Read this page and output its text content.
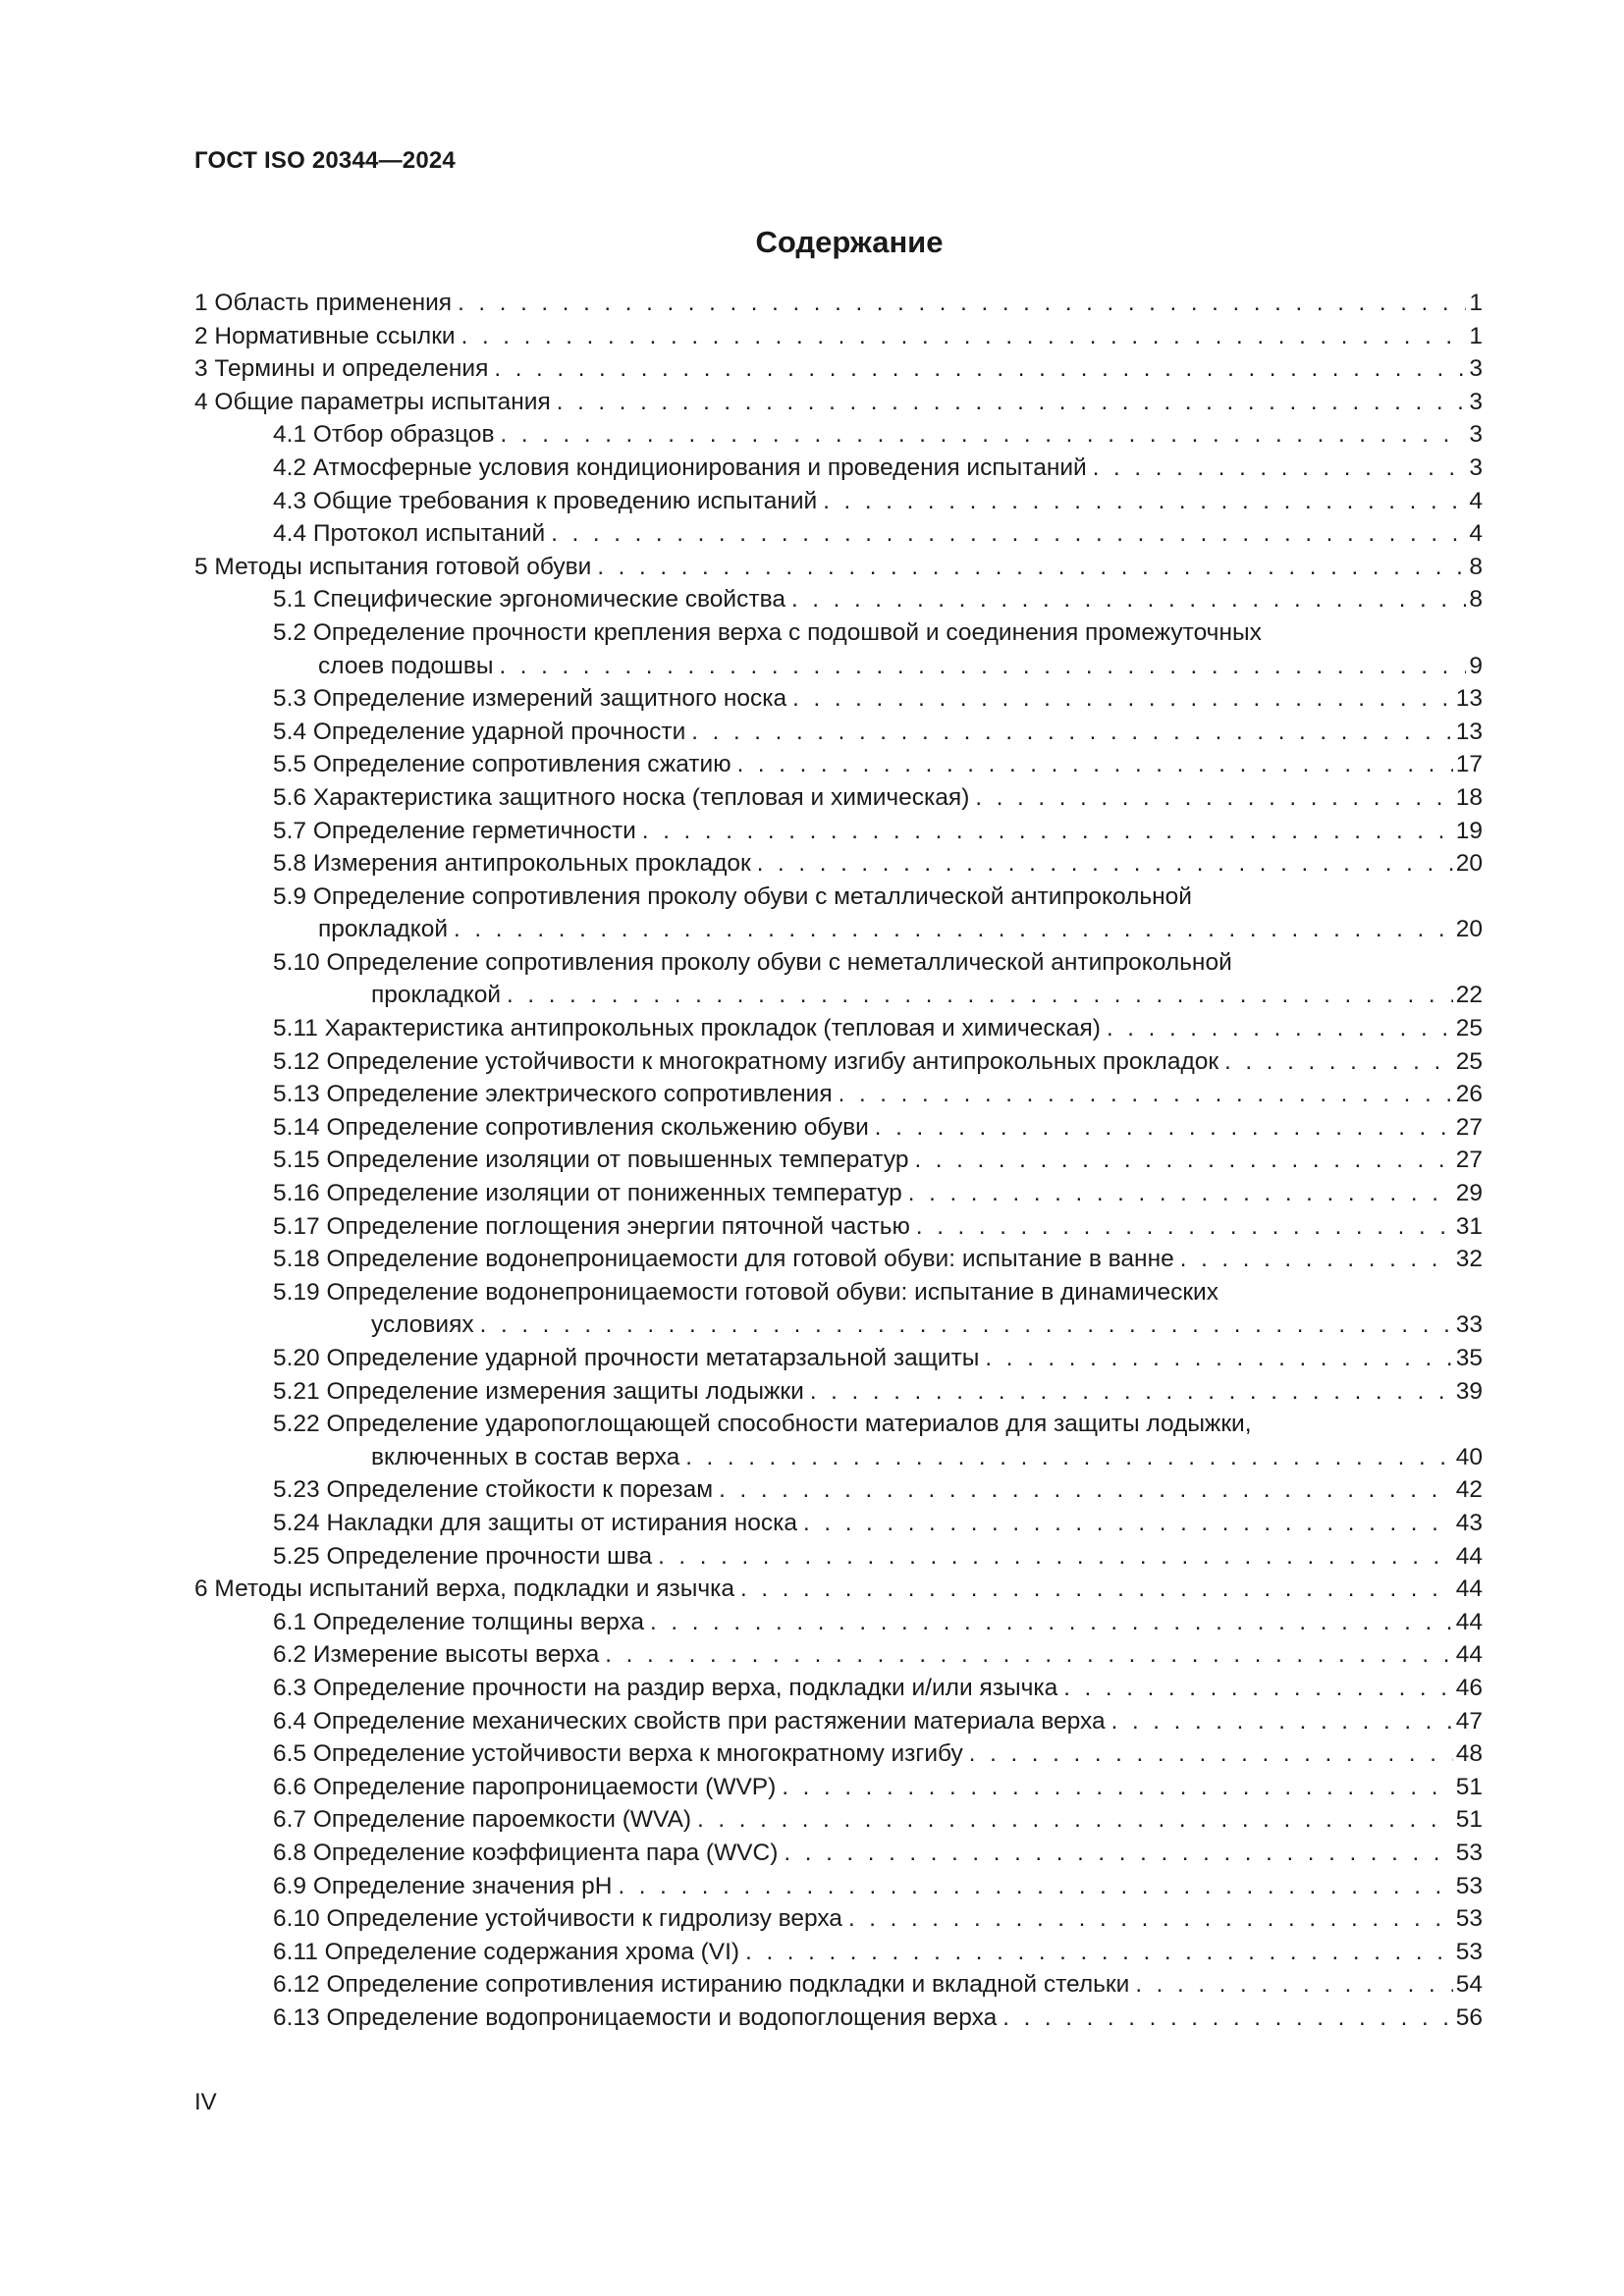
ГОСТ ISO 20344—2024
Содержание
1 Область применения . . .	1
2 Нормативные ссылки . . .	1
3 Термины и определения . . .	3
4 Общие параметры испытания . . .	3
4.1 Отбор образцов . . .	3
4.2 Атмосферные условия кондиционирования и проведения испытаний . . .	3
4.3 Общие требования к проведению испытаний . . .	4
4.4 Протокол испытаний . . .	4
5 Методы испытания готовой обуви . . .	8
5.1 Специфические эргономические свойства . . .	8
5.2 Определение прочности крепления верха с подошвой и соединения промежуточных
слоев подошвы . . .	9
5.3 Определение измерений защитного носка . . .	13
5.4 Определение ударной прочности . . .	13
5.5 Определение сопротивления сжатию . . .	17
5.6 Характеристика защитного носка (тепловая и химическая) . . .	18
5.7 Определение герметичности . . .	19
5.8 Измерения антипрокольных прокладок . . .	20
5.9 Определение сопротивления проколу обуви с металлической антипрокольной
прокладкой . . .	20
5.10 Определение сопротивления проколу обуви с неметаллической антипрокольной
прокладкой . . .	22
5.11 Характеристика антипрокольных прокладок (тепловая и химическая) . . .	25
5.12 Определение устойчивости к многократному изгибу антипрокольных прокладок . . .	25
5.13 Определение электрического сопротивления . . .	26
5.14 Определение сопротивления скольжению обуви . . .	27
5.15 Определение изоляции от повышенных температур . . .	27
5.16 Определение изоляции от пониженных температур . . .	29
5.17 Определение поглощения энергии пяточной частью . . .	31
5.18 Определение водонепроницаемости для готовой обуви: испытание в ванне . . .	32
5.19 Определение водонепроницаемости готовой обуви: испытание в динамических
условиях . . .	33
5.20 Определение ударной прочности метатарзальной защиты . . .	35
5.21 Определение измерения защиты лодыжки . . .	39
5.22 Определение удaропоглощающей способности материалов для защиты лодыжки,
включенных в состав верха . . .	40
5.23 Определение стойкости к порезам . . .	42
5.24 Накладки для защиты от истирания носка . . .	43
5.25 Определение прочности шва . . .	44
6 Методы испытаний верха, подкладки и язычка . . .	44
6.1 Определение толщины верха . . .	44
6.2 Измерение высоты верха . . .	44
6.3 Определение прочности на раздир верха, подкладки и/или язычка . . .	46
6.4 Определение механических свойств при растяжении материала верха . . .	47
6.5 Определение устойчивости верха к многократному изгибу . . .	48
6.6 Определение паропроницаемости (WVP) . . .	51
6.7 Определение пароемкости (WVA) . . .	51
6.8 Определение коэффициента пара (WVC) . . .	53
6.9 Определение значения pH . . .	53
6.10 Определение устойчивости к гидролизу верха . . .	53
6.11 Определение содержания хрома (VI) . . .	53
6.12 Определение сопротивления истиранию подкладки и вкладной стельки . . .	54
6.13 Определение водопроницаемости и водопоглощения верха . . .	56
IV
